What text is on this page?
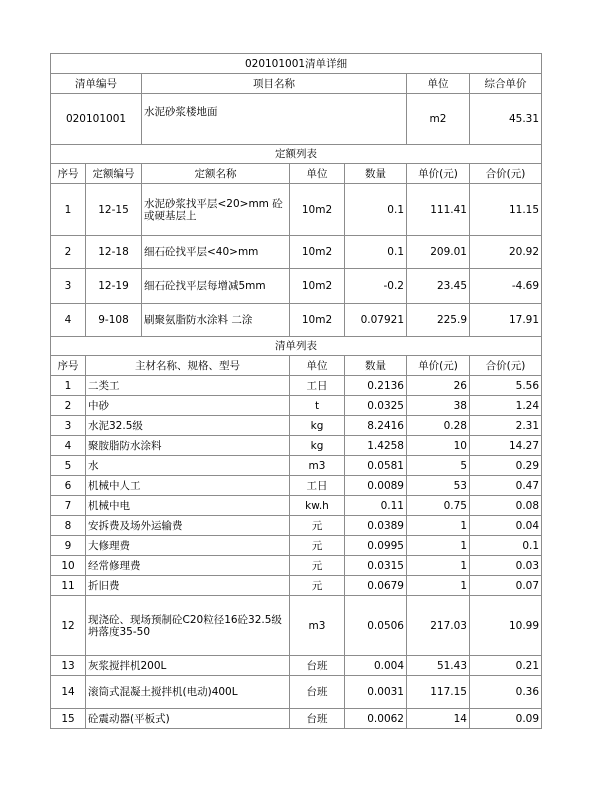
020101001清单详细						
清单编号		项目名称			单位	综合单价
020101001		水泥砂浆楼地面			m2	45.31
定额列表						
序号	定额编号	定额名称	单位	数量	单价(元)	合价(元)
1	12-15	水泥砂浆找平层<20>mm 砼或硬基层上	10m2	0.1	111.41	11.15
2	12-18	细石砼找平层<40>mm	10m2	0.1	209.01	20.92
3	12-19	细石砼找平层每增减5mm	10m2	-0.2	23.45	-4.69
4	9-108	刷聚氨脂防水涂料 二涂	10m2	0.07921	225.9	17.91
清单列表						
序号	主材名称、规格、型号		单位	数量	单价(元)	合价(元)
1	二类工		工日	0.2136	26	5.56
2	中砂		t	0.0325	38	1.24
3	水泥32.5级		kg	8.2416	0.28	2.31
4	聚胺脂防水涂料		kg	1.4258	10	14.27
5	水		m3	0.0581	5	0.29
6	机械中人工		工日	0.0089	53	0.47
7	机械中电		kw.h	0.11	0.75	0.08
8	安拆费及场外运输费		元	0.0389	1	0.04
9	大修理费		元	0.0995	1	0.1
10	经常修理费		元	0.0315	1	0.03
11	折旧费		元	0.0679	1	0.07
12	现浇砼、现场预制砼C20粒径16砼32.5级坍落度35-50		m3	0.0506	217.03	10.99
13	灰浆搅拌机200L		台班	0.004	51.43	0.21
14	滚筒式混凝土搅拌机(电动)400L		台班	0.0031	117.15	0.36
15	砼震动器(平板式)		台班	0.0062	14	0.09
